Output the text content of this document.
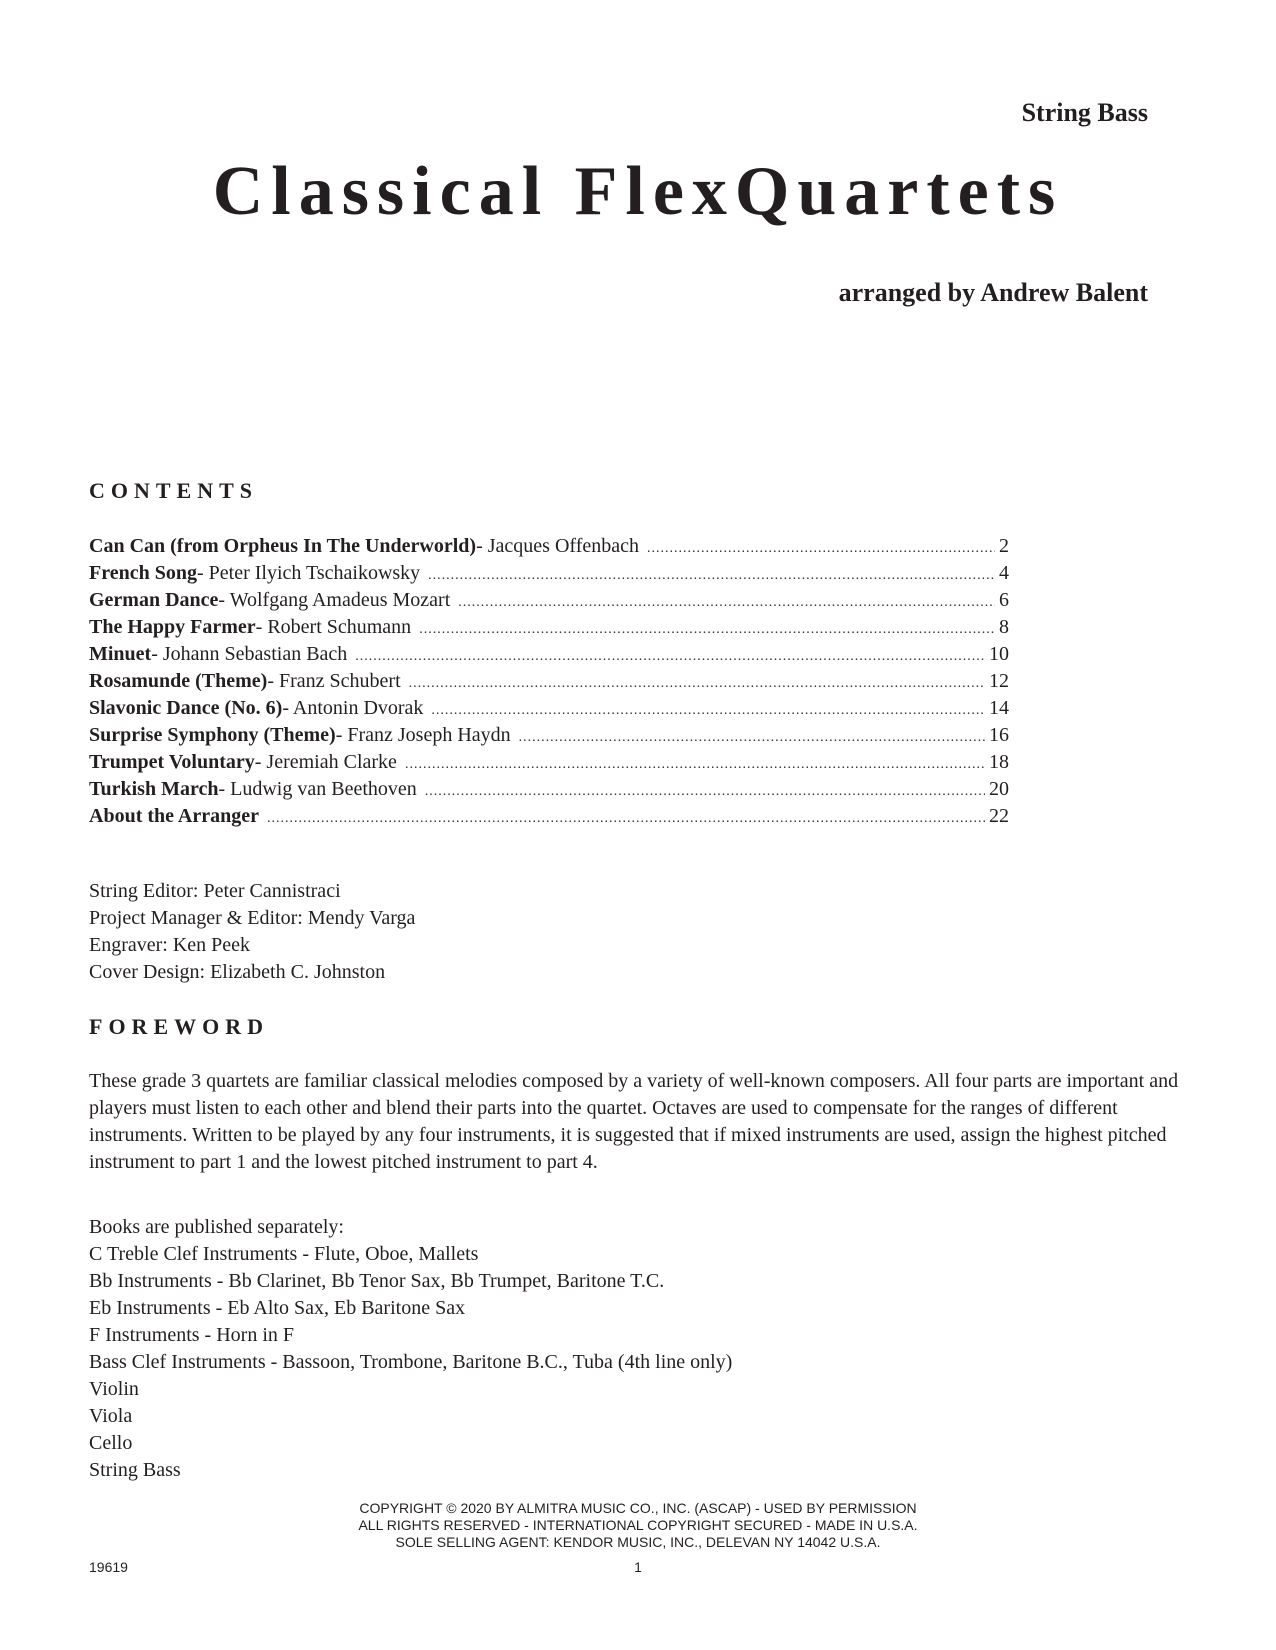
String Bass
Classical FlexQuartets
arranged by Andrew Balent
CONTENTS
Can Can (from Orpheus In The Underworld) - Jacques Offenbach .....	2
French Song - Peter Ilyich Tschaikowsky .....	4
German Dance - Wolfgang Amadeus Mozart .....	6
The Happy Farmer - Robert Schumann .....	8
Minuet - Johann Sebastian Bach .....	10
Rosamunde (Theme) - Franz Schubert .....	12
Slavonic Dance (No. 6) - Antonin Dvorak .....	14
Surprise Symphony (Theme) - Franz Joseph Haydn .....	16
Trumpet Voluntary - Jeremiah Clarke .....	18
Turkish March - Ludwig van Beethoven .....	20
About the Arranger .....	22
String Editor: Peter Cannistraci
Project Manager & Editor: Mendy Varga
Engraver: Ken Peek
Cover Design: Elizabeth C. Johnston
FOREWORD
These grade 3 quartets are familiar classical melodies composed by a variety of well-known composers. All four parts are important and players must listen to each other and blend their parts into the quartet. Octaves are used to compensate for the ranges of different instruments. Written to be played by any four instruments, it is suggested that if mixed instruments are used, assign the highest pitched instrument to part 1 and the lowest pitched instrument to part 4.
Books are published separately:
C Treble Clef Instruments - Flute, Oboe, Mallets
Bb Instruments - Bb Clarinet, Bb Tenor Sax, Bb Trumpet, Baritone T.C.
Eb Instruments - Eb Alto Sax, Eb Baritone Sax
F Instruments - Horn in F
Bass Clef Instruments - Bassoon, Trombone, Baritone B.C., Tuba (4th line only)
Violin
Viola
Cello
String Bass
COPYRIGHT © 2020 BY ALMITRA MUSIC CO., INC. (ASCAP) - USED BY PERMISSION
ALL RIGHTS RESERVED - INTERNATIONAL COPYRIGHT SECURED - MADE IN U.S.A.
SOLE SELLING AGENT: KENDOR MUSIC, INC., DELEVAN NY 14042 U.S.A.
19619	1
